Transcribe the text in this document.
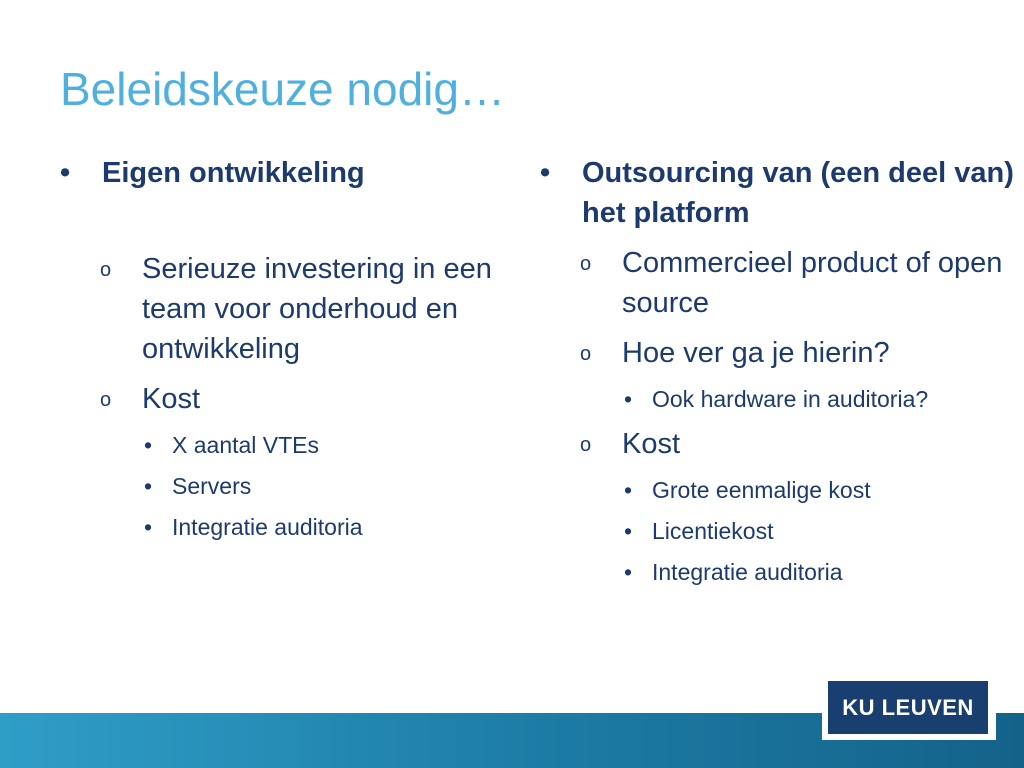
Beleidskeuze nodig…
• Eigen ontwikkeling
o Serieuze investering in een team voor onderhoud en ontwikkeling
o Kost
• X aantal VTEs
• Servers
• Integratie auditoria
• Outsourcing van (een deel van) het platform
o Commercieel product of open source
o Hoe ver ga je hierin?
• Ook hardware in auditoria?
o Kost
• Grote eenmalige kost
• Licentiekost
• Integratie auditoria
KU LEUVEN
